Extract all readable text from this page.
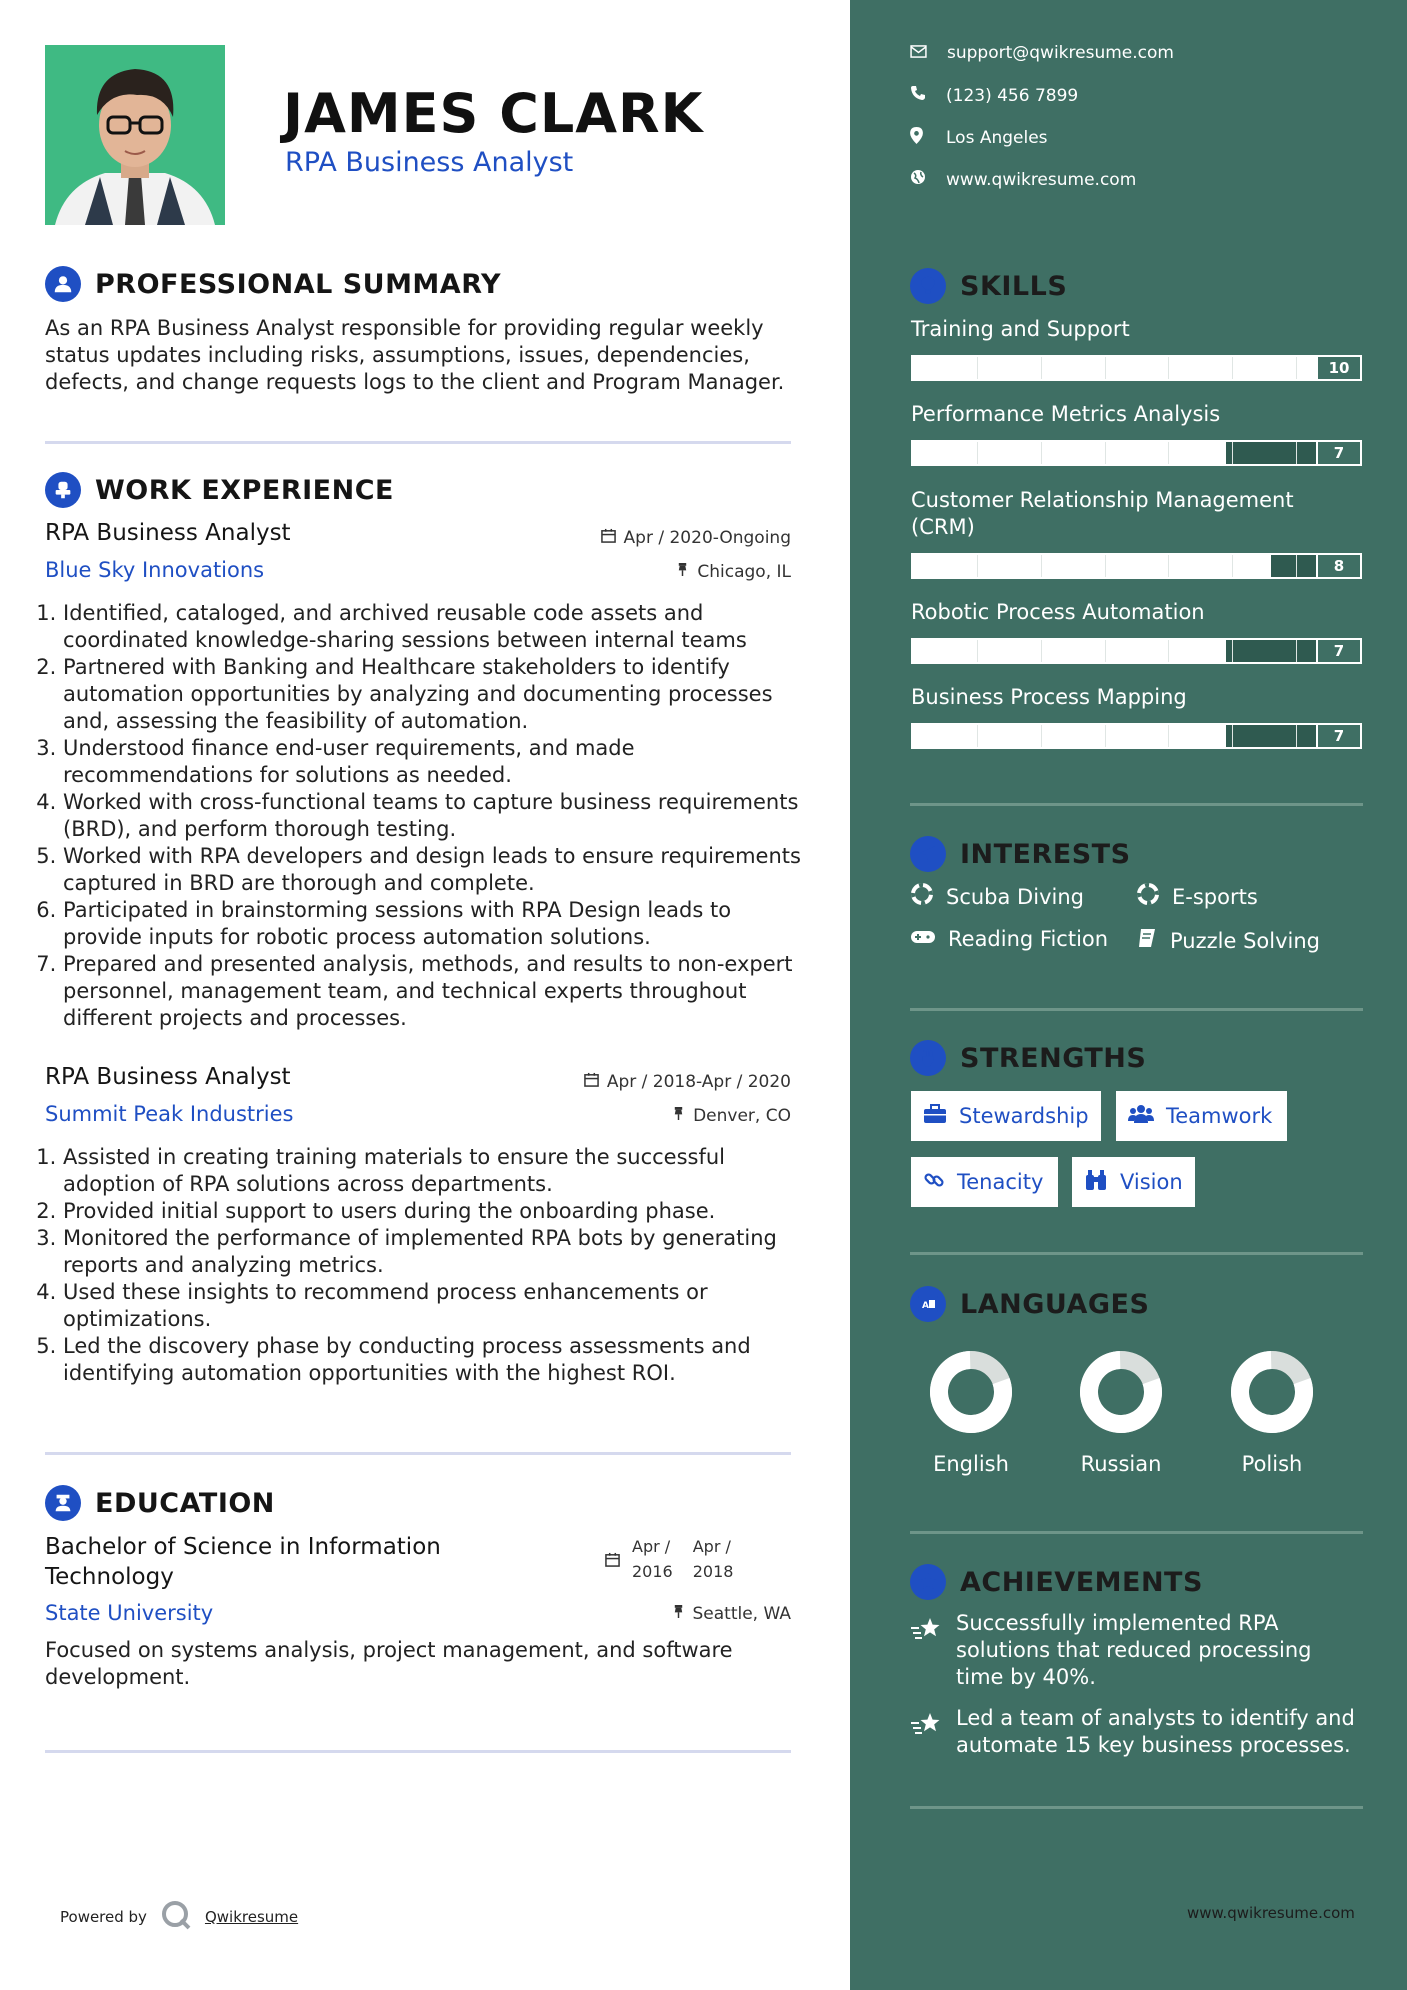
JAMES CLARK
RPA Business Analyst
PROFESSIONAL SUMMARY
As an RPA Business Analyst responsible for providing regular weekly status updates including risks, assumptions, issues, dependencies, defects, and change requests logs to the client and Program Manager.
WORK EXPERIENCE
RPA Business Analyst	Apr / 2020-Ongoing
Blue Sky Innovations	Chicago, IL
1. Identified, cataloged, and archived reusable code assets and coordinated knowledge-sharing sessions between internal teams
2. Partnered with Banking and Healthcare stakeholders to identify automation opportunities by analyzing and documenting processes and, assessing the feasibility of automation.
3. Understood finance end-user requirements, and made recommendations for solutions as needed.
4. Worked with cross-functional teams to capture business requirements (BRD), and perform thorough testing.
5. Worked with RPA developers and design leads to ensure requirements captured in BRD are thorough and complete.
6. Participated in brainstorming sessions with RPA Design leads to provide inputs for robotic process automation solutions.
7. Prepared and presented analysis, methods, and results to non-expert personnel, management team, and technical experts throughout different projects and processes.
RPA Business Analyst	Apr / 2018-Apr / 2020
Summit Peak Industries	Denver, CO
1. Assisted in creating training materials to ensure the successful adoption of RPA solutions across departments.
2. Provided initial support to users during the onboarding phase.
3. Monitored the performance of implemented RPA bots by generating reports and analyzing metrics.
4. Used these insights to recommend process enhancements or optimizations.
5. Led the discovery phase by conducting process assessments and identifying automation opportunities with the highest ROI.
EDUCATION
Bachelor of Science in Information Technology
Apr /
2016
Apr /
2018
State University	Seattle, WA
Focused on systems analysis, project management, and software development.
Powered by	Qwikresume
support@qwikresume.com
(123) 456 7899
Los Angeles
www.qwikresume.com
SKILLS
Training and Support
10
Performance Metrics Analysis
7
Customer Relationship Management (CRM)
8
Robotic Process Automation
7
Business Process Mapping
7
INTERESTS
Scuba Diving	E-sports
Reading Fiction	Puzzle Solving
STRENGTHS
Stewardship	Teamwork
Tenacity	Vision
A LANGUAGES
English	Russian	Polish
ACHIEVEMENTS
Successfully implemented RPA solutions that reduced processing time by 40%.
Led a team of analysts to identify and automate 15 key business processes.
www.qwikresume.com
